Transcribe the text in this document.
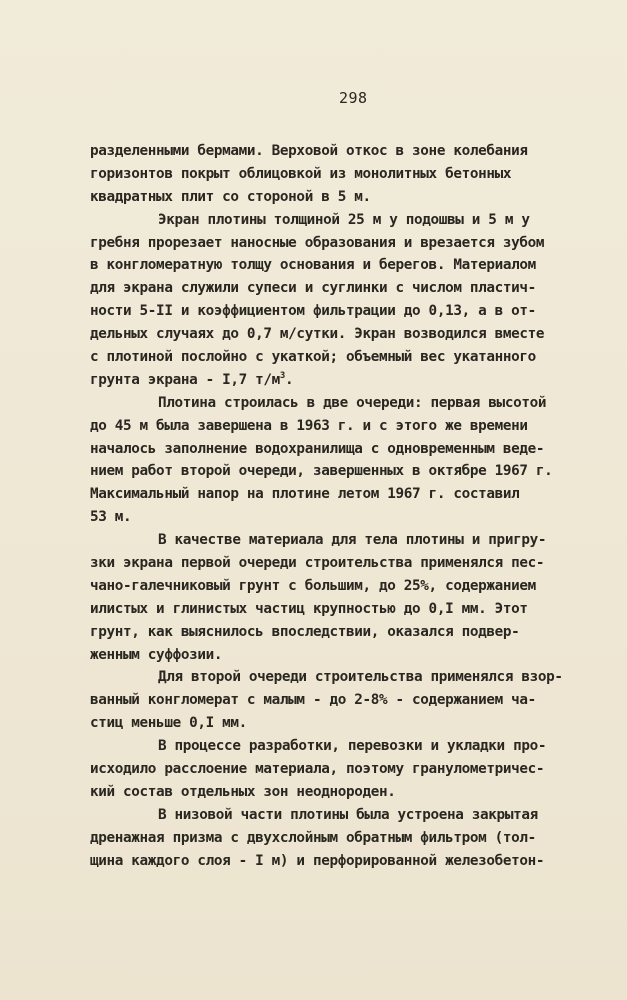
298
разделенными бермами. Верховой откос в зоне колебания
горизонтов покрыт облицовкой из монолитных бетонных
квадратных плит со стороной в 5 м.
Экран плотины толщиной 25 м у подошвы и 5 м у
гребня прорезает наносные образования и врезается зубом
в конгломератную толщу основания и берегов. Материалом
для экрана служили супеси и суглинки с числом пластич-
ности 5-II и коэффициентом фильтрации до 0,13, а в от-
дельных случаях до 0,7 м/сутки. Экран возводился вместе
с плотиной послойно с укаткой; объемный вес укатанного
грунта экрана - I,7 $т/м^3$.
Плотина строилась в две очереди: первая высотой
до 45 м была завершена в 1963 г. и с этого же времени
началось заполнение водохранилища с одновременным веде-
нием работ второй очереди, завершенных в октябре 1967 г.
Максимальный напор на плотине летом 1967 г. составил
53 м.
В качестве материала для тела плотины и пригру-
зки экрана первой очереди строительства применялся пес-
чано-галечниковый грунт с большим, до 25%, содержанием
илистых и глинистых частиц крупностью до 0,I мм. Этот
грунт, как выяснилось впоследствии, оказался подвер-
женным суффозии.
Для второй очереди строительства применялся взор-
ванный конгломерат с малым - до 2-8% - содержанием ча-
стиц меньше 0,I мм.
В процессе разработки, перевозки и укладки про-
исходило расслоение материала, поэтому гранулометричес-
кий состав отдельных зон неоднороден.
В низовой части плотины была устроена закрытая
дренажная призма с двухслойным обратным фильтром (тол-
щина каждого слоя - I м) и перфорированной железобетон-
